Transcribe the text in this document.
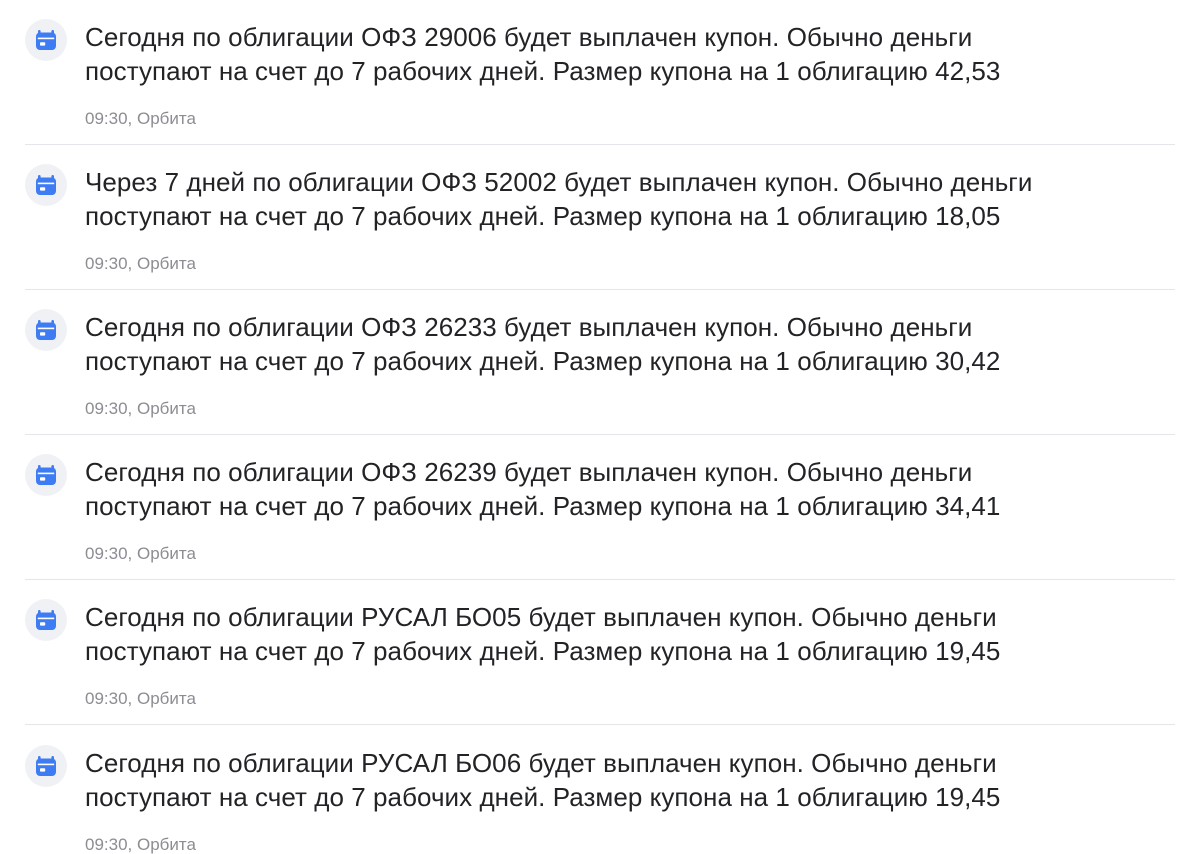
Сегодня по облигации ОФЗ 29006 будет выплачен купон. Обычно деньги
поступают на счет до 7 рабочих дней. Размер купона на 1 облигацию 42,53

09:30, Орбита

Через 7 дней по облигации ОФЗ 52002 будет выплачен купон. Обычно деньги
поступают на счет до 7 рабочих дней. Размер купона на 1 облигацию 18,05

09:30, Орбита

Сегодня по облигации ОФЗ 26233 будет выплачен купон. Обычно деньги
поступают на счет до 7 рабочих дней. Размер купона на 1 облигацию 30,42

09:30, Орбита

Сегодня по облигации ОФЗ 26239 будет выплачен купон. Обычно деньги
поступают на счет до 7 рабочих дней. Размер купона на 1 облигацию 34,41

09:30, Орбита

Сегодня по облигации РУСАЛ БО05 будет выплачен купон. Обычно деньги
поступают на счет до 7 рабочих дней. Размер купона на 1 облигацию 19,45

09:30, Орбита

Сегодня по облигации РУСАЛ БО06 будет выплачен купон. Обычно деньги
поступают на счет до 7 рабочих дней. Размер купона на 1 облигацию 19,45

09:30, Орбита
